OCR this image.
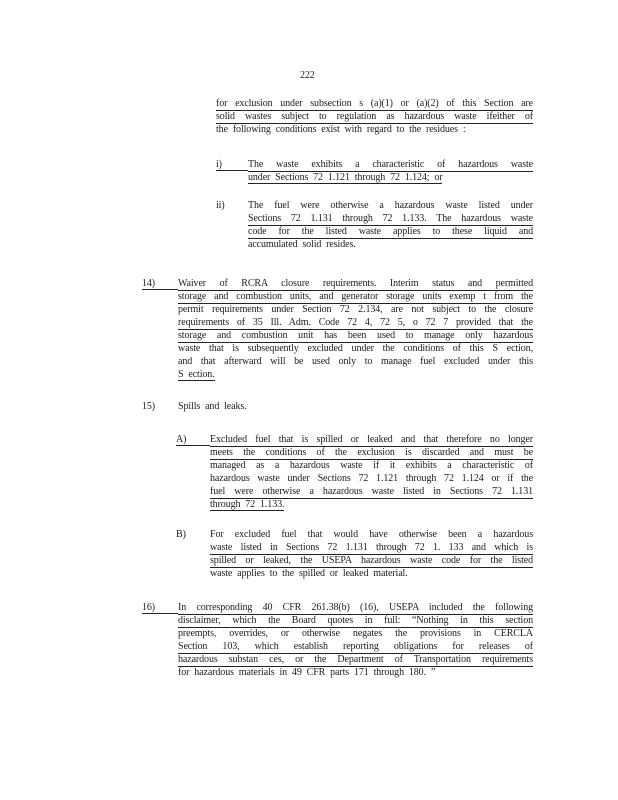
222
for exclusion under subsection s (a)(1) or (a)(2) of this Section are
solid wastes subject to regulation as hazardous waste ifeither of
the following conditions exist with regard to the residues :
i)	The waste exhibits a characteristic of hazardous waste
under Sections 72 1.121 through 72 1.124; or
ii)	The fuel were otherwise a hazardous waste listed under
Sections 72 1.131 through 72 1.133. The hazardous waste
code for the listed waste applies to these liquid and
accumulated solid resides.
14)	Waiver of RCRA closure requirements. Interim status and permitted
storage and combustion units, and generator storage units exemp t from the
permit requirements under Section 72 2.134, are not subject to the closure
requirements of 35 Ill. Adm. Code 72 4, 72 5, o 72 7 provided that the
storage and combustion unit has been used to manage only hazardous
waste that is subsequently excluded under the conditions of this S ection,
and that afterward will be used only to manage fuel excluded under this
S ection.
15)	Spills and leaks.
A)	Excluded fuel that is spilled or leaked and that therefore no longer
meets the conditions of the exclusion is discarded and must be
managed as a hazardous waste if it exhibits a characteristic of
hazardous waste under Sections 72 1.121 through 72 1.124 or if the
fuel were otherwise a hazardous waste listed in Sections 72 1.131
through 72 1.133.
B)	For excluded fuel that would have otherwise been a hazardous
waste listed in Sections 72 1.131 through 72 1. 133 and which is
spilled or leaked, the USEPA hazardous waste code for the listed
waste applies to the spilled or leaked material.
16)	In corresponding 40 CFR 261.38(b) (16), USEPA included the following
disclaimer, which the Board quotes in full: “Nothing in this section
preempts, overrides, or otherwise negates the provisions in CERCLA
Section 103, which establish reporting obligations for releases of
hazardous substan ces, or the Department of Transportation requirements
for hazardous materials in 49 CFR parts 171 through 180. ”
